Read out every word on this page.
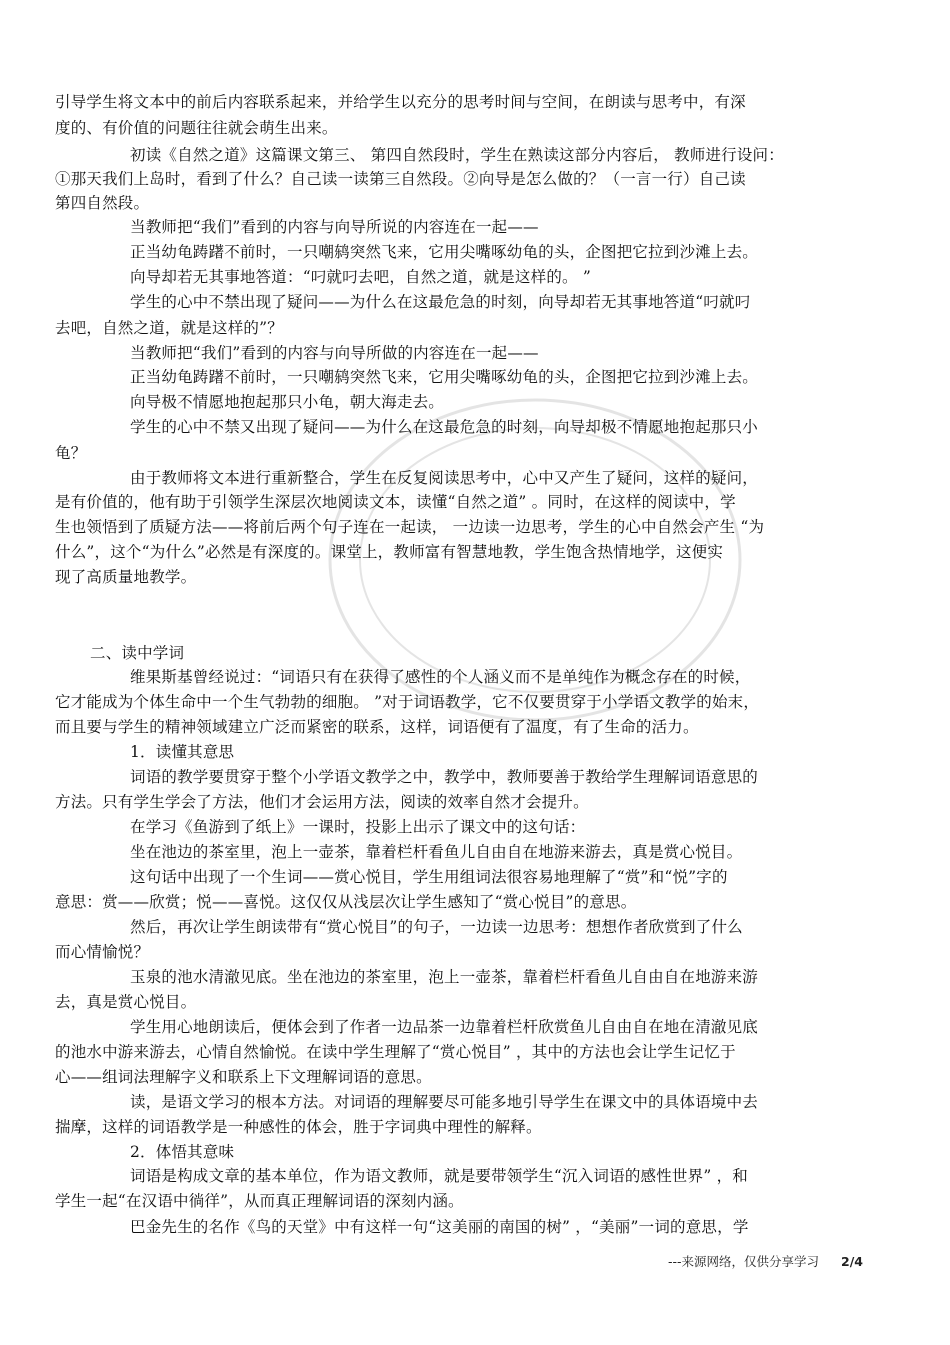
引导学生将文本中的前后内容联系起来，并给学生以充分的思考时间与空间，在朗读与思考中，有深
度的、有价值的问题往往就会萌生出来。
初读《自然之道》这篇课文第三、 第四自然段时，学生在熟读这部分内容后， 教师进行设问：
①那天我们上岛时，看到了什么？自己读一读第三自然段。②向导是怎么做的？（一言一行）自己读
第四自然段。
当教师把“我们”看到的内容与向导所说的内容连在一起——
正当幼龟踌躇不前时，一只嘲鸫突然飞来，它用尖嘴啄幼龟的头，企图把它拉到沙滩上去。
向导却若无其事地答道：“叼就叼去吧，自然之道，就是这样的。 ”
学生的心中不禁出现了疑问——为什么在这最危急的时刻，向导却若无其事地答道“叼就叼
去吧，自然之道，就是这样的”？
当教师把“我们”看到的内容与向导所做的内容连在一起——
正当幼龟踌躇不前时，一只嘲鸫突然飞来，它用尖嘴啄幼龟的头，企图把它拉到沙滩上去。
向导极不情愿地抱起那只小龟，朝大海走去。
学生的心中不禁又出现了疑问——为什么在这最危急的时刻，向导却极不情愿地抱起那只小
龟？
由于教师将文本进行重新整合，学生在反复阅读思考中，心中又产生了疑问，这样的疑问，
是有价值的，他有助于引领学生深层次地阅读文本，读懂“自然之道” 。同时，在这样的阅读中，学
生也领悟到了质疑方法——将前后两个句子连在一起读， 一边读一边思考，学生的心中自然会产生 “为
什么”，这个“为什么”必然是有深度的。课堂上，教师富有智慧地教，学生饱含热情地学，这便实
现了高质量地教学。
二、读中学词
维果斯基曾经说过：“词语只有在获得了感性的个人涵义而不是单纯作为概念存在的时候，
它才能成为个体生命中一个生气勃勃的细胞。 ”对于词语教学，它不仅要贯穿于小学语文教学的始末，
而且要与学生的精神领域建立广泛而紧密的联系，这样，词语便有了温度，有了生命的活力。
1．读懂其意思
词语的教学要贯穿于整个小学语文教学之中，教学中，教师要善于教给学生理解词语意思的
方法。只有学生学会了方法，他们才会运用方法，阅读的效率自然才会提升。
在学习《鱼游到了纸上》一课时，投影上出示了课文中的这句话：
坐在池边的茶室里，泡上一壶茶，靠着栏杆看鱼儿自由自在地游来游去，真是赏心悦目。
这句话中出现了一个生词——赏心悦目，学生用组词法很容易地理解了“赏”和“悦”字的
意思：赏——欣赏；悦——喜悦。这仅仅从浅层次让学生感知了“赏心悦目”的意思。
然后，再次让学生朗读带有“赏心悦目”的句子，一边读一边思考：想想作者欣赏到了什么
而心情愉悦？
玉泉的池水清澈见底。坐在池边的茶室里，泡上一壶茶，靠着栏杆看鱼儿自由自在地游来游
去，真是赏心悦目。
学生用心地朗读后，便体会到了作者一边品茶一边靠着栏杆欣赏鱼儿自由自在地在清澈见底
的池水中游来游去，心情自然愉悦。在读中学生理解了“赏心悦目” ，其中的方法也会让学生记忆于
心——组词法理解字义和联系上下文理解词语的意思。
读，是语文学习的根本方法。对词语的理解要尽可能多地引导学生在课文中的具体语境中去
揣摩，这样的词语教学是一种感性的体会，胜于字词典中理性的解释。
2．体悟其意味
词语是构成文章的基本单位，作为语文教师，就是要带领学生“沉入词语的感性世界” ，和
学生一起“在汉语中徜徉”，从而真正理解词语的深刻内涵。
巴金先生的名作《鸟的天堂》中有这样一句“这美丽的南国的树” ，“美丽”一词的意思，学
---来源网络，仅供分享学习 2/4
